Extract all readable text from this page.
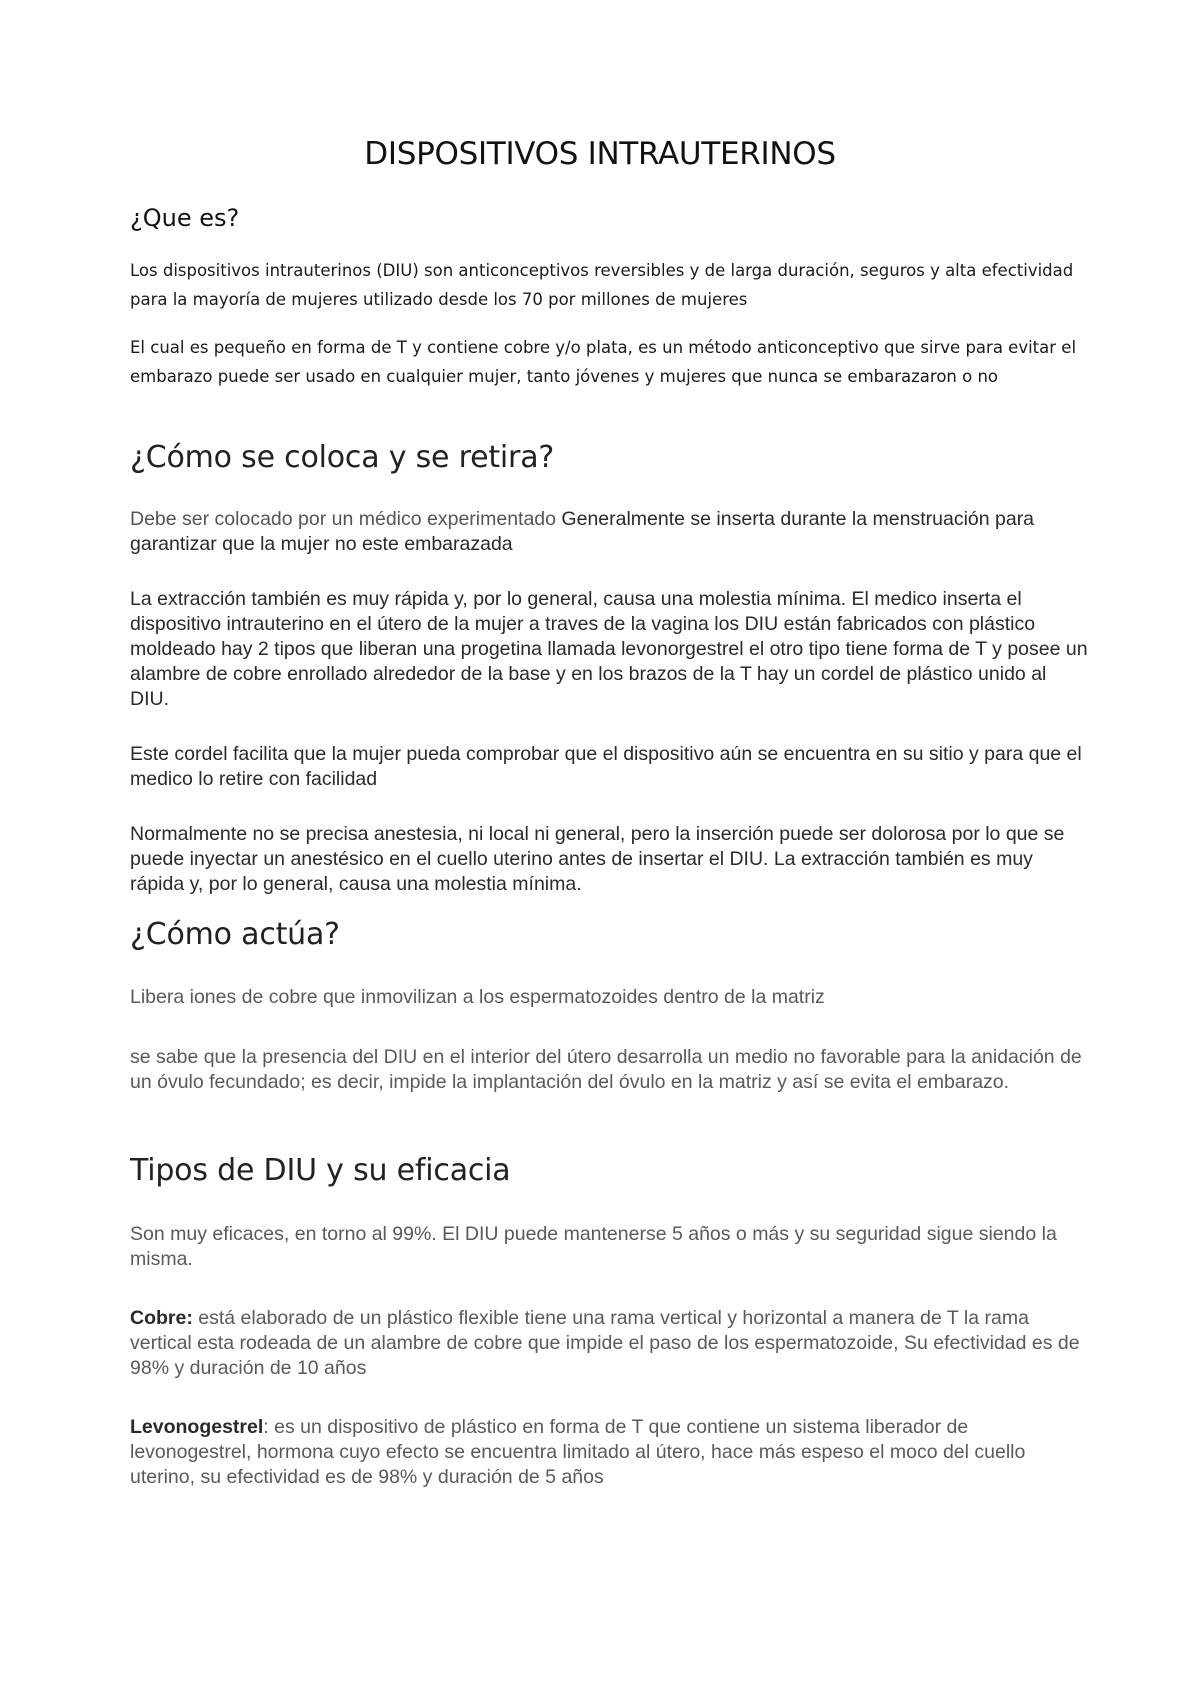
DISPOSITIVOS INTRAUTERINOS
¿Que es?

Los dispositivos intrauterinos (DIU) son anticonceptivos reversibles y de larga duración, seguros y alta efectividad para la mayoría de mujeres utilizado desde los 70 por millones de mujeres

El cual es pequeño en forma de T y contiene cobre y/o plata, es un método anticonceptivo que sirve para evitar el embarazo puede ser usado en cualquier mujer, tanto jóvenes y mujeres que nunca se embarazaron o no

¿Cómo se coloca y se retira?

Debe ser colocado por un médico experimentado Generalmente se inserta durante la menstruación para garantizar que la mujer no este embarazada

La extracción también es muy rápida y, por lo general, causa una molestia mínima. El medico inserta el dispositivo intrauterino en el útero de la mujer a traves de la vagina los DIU están fabricados con plástico moldeado hay 2 tipos que liberan una progetina llamada levonorgestrel el otro tipo tiene forma de T y posee un alambre de cobre enrollado alrededor de la base y en los brazos de la T hay un cordel de plástico unido al DIU.

Este cordel facilita que la mujer pueda comprobar que el dispositivo aún se encuentra en su sitio y para que el medico lo retire con facilidad

Normalmente no se precisa anestesia, ni local ni general, pero la inserción puede ser dolorosa por lo que se puede inyectar un anestésico en el cuello uterino antes de insertar el DIU. La extracción también es muy rápida y, por lo general, causa una molestia mínima.

¿Cómo actúa?

Libera iones de cobre que inmovilizan a los espermatozoides dentro de la matriz

se sabe que la presencia del DIU en el interior del útero desarrolla un medio no favorable para la anidación de un óvulo fecundado; es decir, impide la implantación del óvulo en la matriz y así se evita el embarazo.

Tipos de DIU y su eficacia

Son muy eficaces, en torno al 99%. El DIU puede mantenerse 5 años o más y su seguridad sigue siendo la misma.

Cobre: está elaborado de un plástico flexible tiene una rama vertical y horizontal a manera de T la rama vertical esta rodeada de un alambre de cobre que impide el paso de los espermatozoide, Su efectividad es de 98% y duración de 10 años

Levonogestrel: es un dispositivo de plástico en forma de T que contiene un sistema liberador de levonogestrel, hormona cuyo efecto se encuentra limitado al útero, hace más espeso el moco del cuello uterino, su efectividad es de 98% y duración de 5 años
